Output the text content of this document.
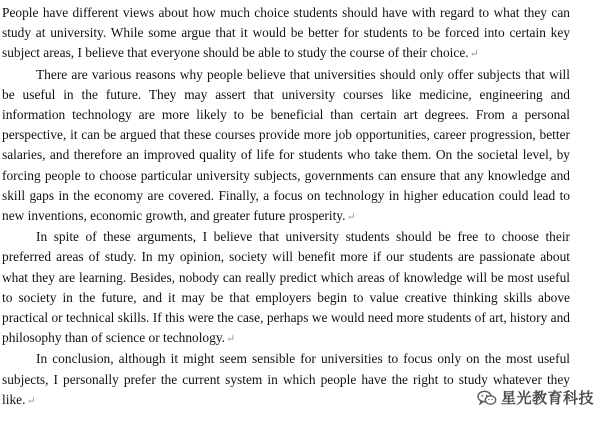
People have different views about how much choice students should have with regard to what they can study at university. While some argue that it would be better for students to be forced into certain key subject areas, I believe that everyone should be able to study the course of their choice.↵

There are various reasons why people believe that universities should only offer subjects that will be useful in the future. They may assert that university courses like medicine, engineering and information technology are more likely to be beneficial than certain art degrees. From a personal perspective, it can be argued that these courses provide more job opportunities, career progression, better salaries, and therefore an improved quality of life for students who take them. On the societal level, by forcing people to choose particular university subjects, governments can ensure that any knowledge and skill gaps in the economy are covered. Finally, a focus on technology in higher education could lead to new inventions, economic growth, and greater future prosperity.↵

In spite of these arguments, I believe that university students should be free to choose their preferred areas of study. In my opinion, society will benefit more if our students are passionate about what they are learning. Besides, nobody can really predict which areas of knowledge will be most useful to society in the future, and it may be that employers begin to value creative thinking skills above practical or technical skills. If this were the case, perhaps we would need more students of art, history and philosophy than of science or technology.↵

In conclusion, although it might seem sensible for universities to focus only on the most useful subjects, I personally prefer the current system in which people have the right to study whatever they like.↵	星光教育科技
